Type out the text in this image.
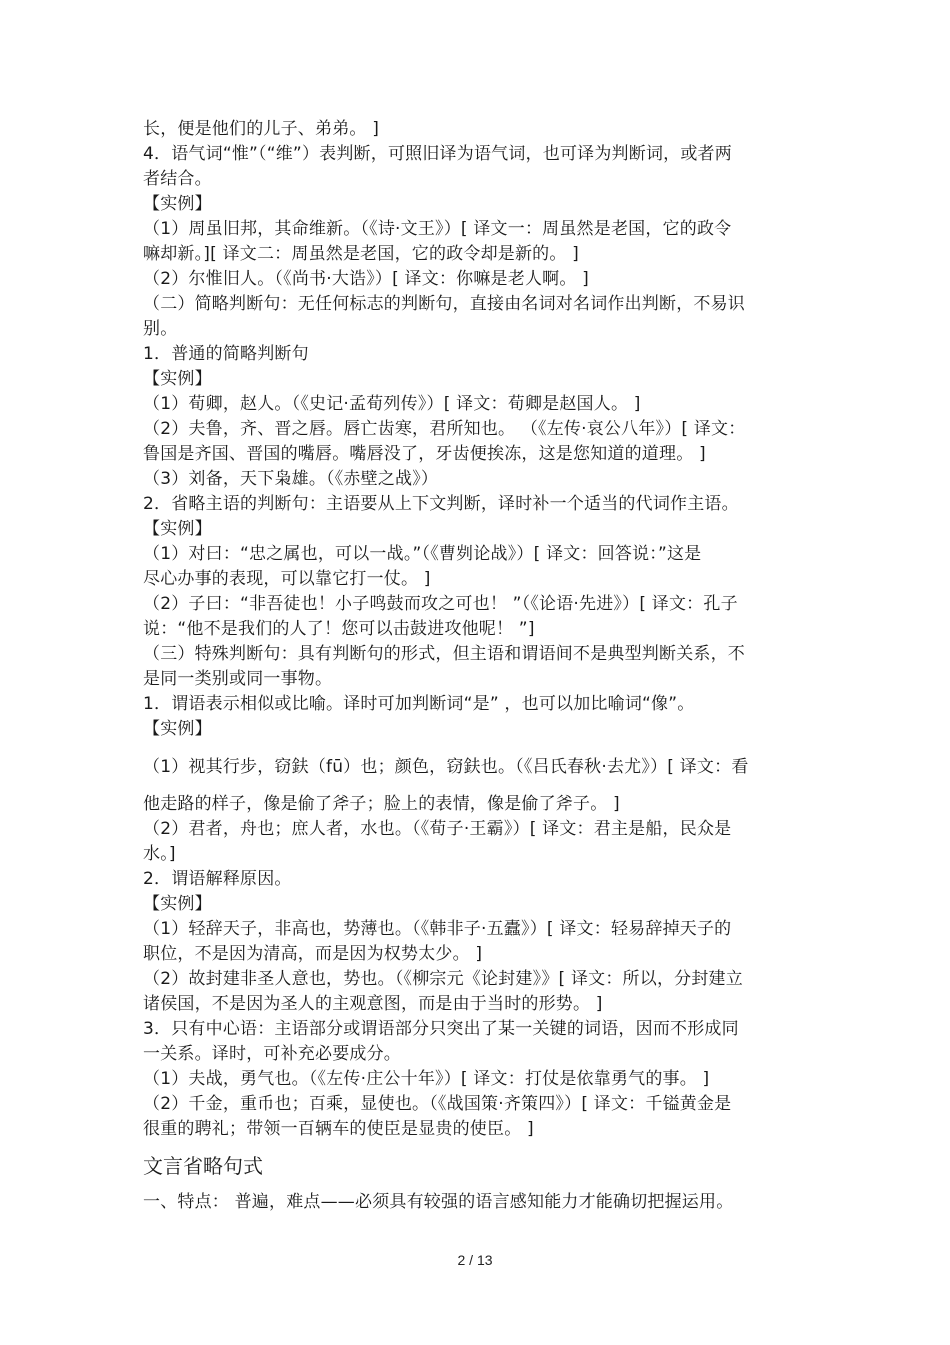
长，便是他们的儿子、弟弟。 ]
4．语气词“惟”（“维”）表判断，可照旧译为语气词，也可译为判断词，或者两
者结合。
【实例】
（1）周虽旧邦，其命维新。（《诗·文王》）[ 译文一：周虽然是老国，它的政令
嘛却新。][ 译文二：周虽然是老国，它的政令却是新的。 ]
（2）尔惟旧人。（《尚书·大诰》）[ 译文：你嘛是老人啊。 ]
（二）简略判断句：无任何标志的判断句，直接由名词对名词作出判断，不易识
别。
1．普通的简略判断句
【实例】
（1）荀卿，赵人。（《史记·孟荀列传》）[ 译文：荀卿是赵国人。 ]
（2）夫鲁，齐、晋之唇。唇亡齿寒，君所知也。 （《左传·哀公八年》）[ 译文：
鲁国是齐国、晋国的嘴唇。嘴唇没了，牙齿便挨冻，这是您知道的道理。 ]
（3）刘备，天下枭雄。（《赤壁之战》）
2．省略主语的判断句：主语要从上下文判断，译时补一个适当的代词作主语。
【实例】
（1）对曰：“忠之属也，可以一战。”（《曹刿论战》）[ 译文：回答说：”这是
尽心办事的表现，可以靠它打一仗。 ]
（2）子曰：“非吾徒也！小子鸣鼓而攻之可也！ ”（《论语·先进》）[ 译文：孔子
说：“他不是我们的人了！您可以击鼓进攻他呢！ ”]
（三）特殊判断句：具有判断句的形式，但主语和谓语间不是典型判断关系，不
是同一类别或同一事物。
1．谓语表示相似或比喻。译时可加判断词“是” ，也可以加比喻词“像”。
【实例】
（1）视其行步，窃鈇（fū）也；颜色，窃鈇也。（《吕氏春秋·去尤》）[ 译文：看
他走路的样子，像是偷了斧子；脸上的表情，像是偷了斧子。 ]
（2）君者，舟也；庶人者，水也。（《荀子·王霸》）[ 译文：君主是船，民众是
水。]
2．谓语解释原因。
【实例】
（1）轻辞天子，非高也，势薄也。（《韩非子·五蠹》）[ 译文：轻易辞掉天子的
职位，不是因为清高，而是因为权势太少。 ]
（2）故封建非圣人意也，势也。（《柳宗元《论封建》》[ 译文：所以，分封建立
诸侯国，不是因为圣人的主观意图，而是由于当时的形势。 ]
3．只有中心语：主语部分或谓语部分只突出了某一关键的词语，因而不形成同
一关系。译时，可补充必要成分。
（1）夫战，勇气也。（《左传·庄公十年》）[ 译文：打仗是依靠勇气的事。 ]
（2）千金，重币也；百乘，显使也。（《战国策·齐策四》）[ 译文：千镒黄金是
很重的聘礼；带领一百辆车的使臣是显贵的使臣。 ]
文言省略句式
一、特点： 普遍，难点——必须具有较强的语言感知能力才能确切把握运用。
2 / 13
